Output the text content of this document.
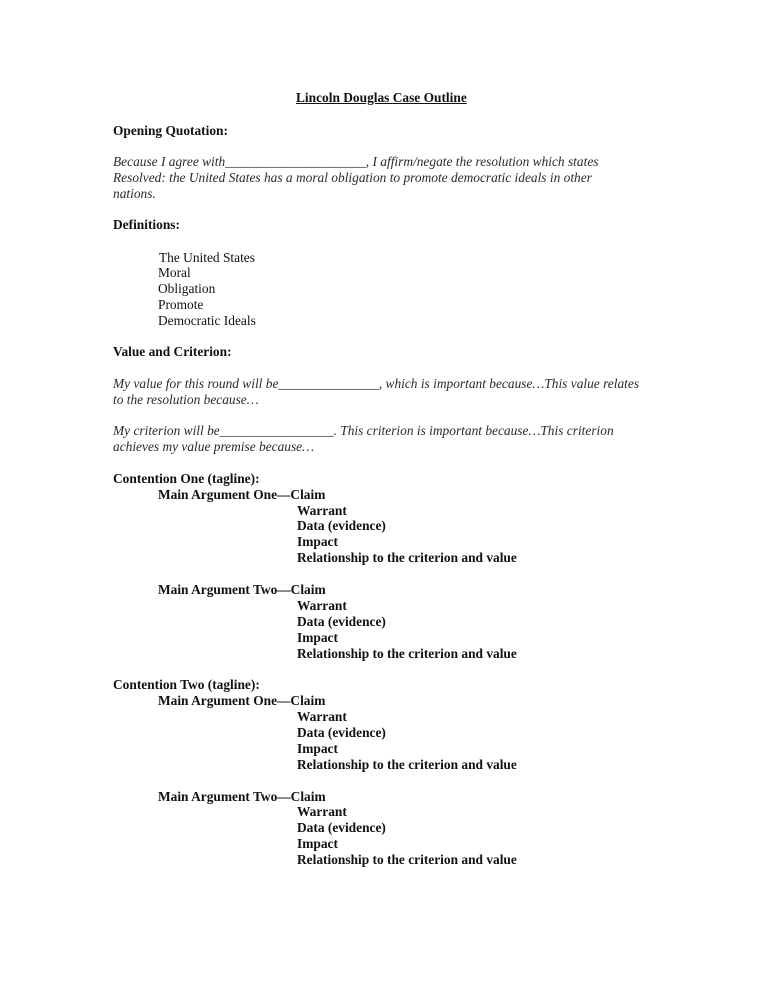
Lincoln Douglas Case Outline
Opening Quotation:
Because I agree with_____________________, I affirm/negate the resolution which states
Resolved: the United States has a moral obligation to promote democratic ideals in other
nations.
Definitions:
The United States
Moral
Obligation
Promote
Democratic Ideals
Value and Criterion:
My value for this round will be_______________, which is important because…This value relates
to the resolution because…
My criterion will be_________________. This criterion is important because…This criterion
achieves my value premise because…
Contention One (tagline):
Main Argument One—Claim
Warrant
Data (evidence)
Impact
Relationship to the criterion and value
Main Argument Two—Claim
Warrant
Data (evidence)
Impact
Relationship to the criterion and value
Contention Two (tagline):
Main Argument One—Claim
Warrant
Data (evidence)
Impact
Relationship to the criterion and value
Main Argument Two—Claim
Warrant
Data (evidence)
Impact
Relationship to the criterion and value
